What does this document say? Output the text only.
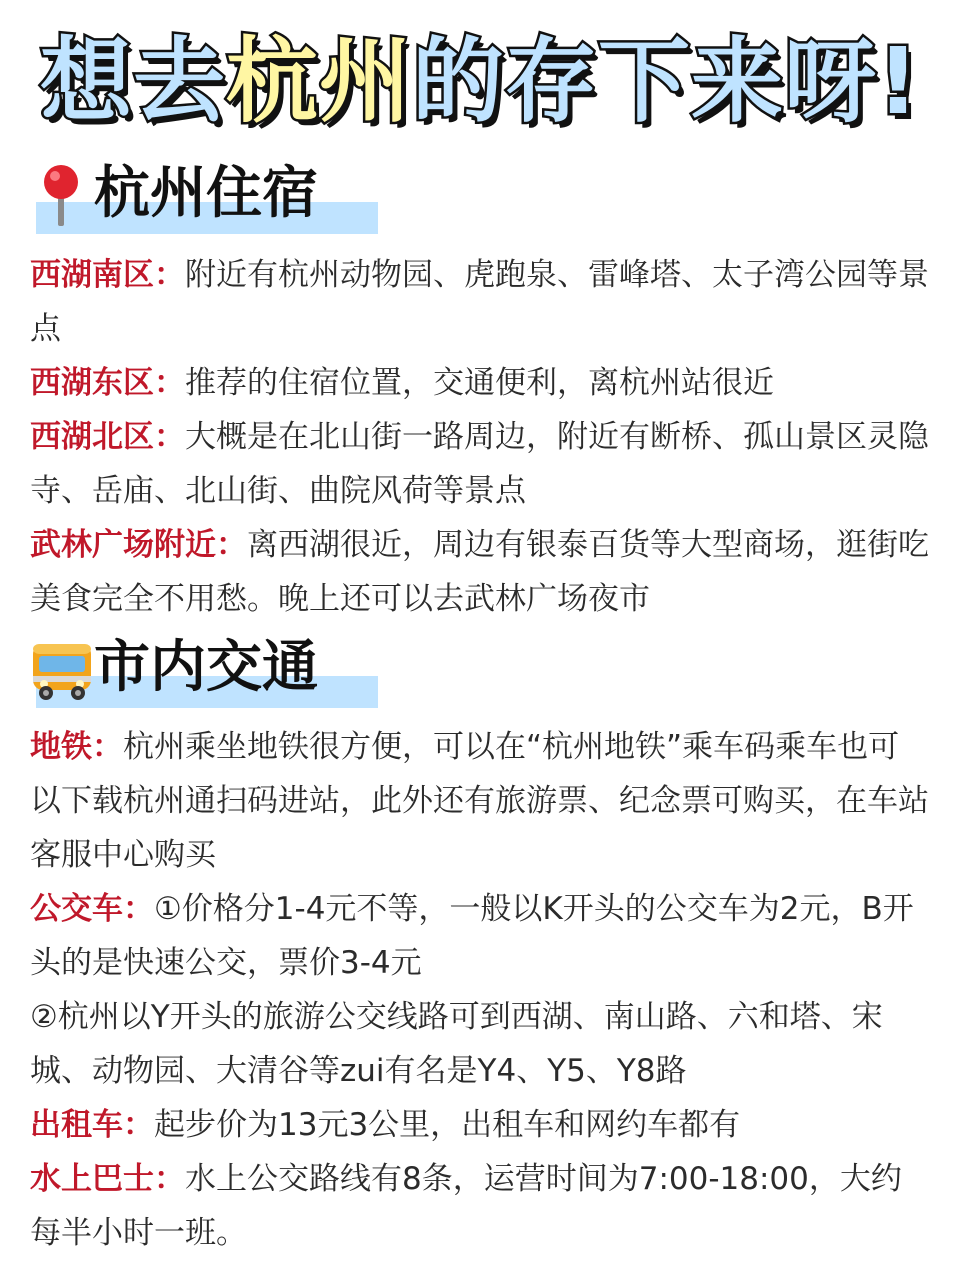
想去杭州的存下来呀!
杭州住宿

西湖南区：附近有杭州动物园、虎跑泉、雷峰塔、太子湾公园等景点

西湖东区：推荐的住宿位置，交通便利，离杭州站很近

西湖北区：大概是在北山街一路周边，附近有断桥、孤山景区灵隐寺、岳庙、北山街、曲院风荷等景点

武林广场附近：离西湖很近，周边有银泰百货等大型商场，逛街吃美食完全不用愁。晚上还可以去武林广场夜市

市内交通

地铁：杭州乘坐地铁很方便，可以在“杭州地铁”乘车码乘车也可以下载杭州通扫码进站，此外还有旅游票、纪念票可购买，在车站客服中心购买

公交车：①价格分1-4元不等，一般以K开头的公交车为2元，B开头的是快速公交，票价3-4元

②杭州以Y开头的旅游公交线路可到西湖、南山路、六和塔、宋城、动物园、大清谷等zui有名是Y4、Y5、Y8路

出租车：起步价为13元3公里，出租车和网约车都有

水上巴士：水上公交路线有8条，运营时间为7:00-18:00，大约每半小时一班。
